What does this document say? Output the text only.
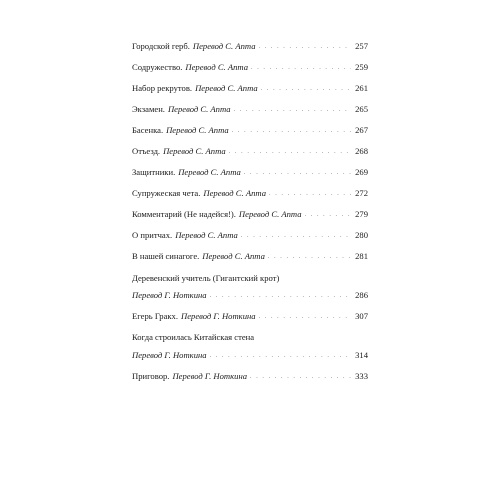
Городской герб. Перевод С. Апта . . .	257
Содружество. Перевод С. Апта . . .	259
Набор рекрутов. Перевод С. Апта . . .	261
Экзамен. Перевод С. Апта . . .	265
Басенка. Перевод С. Апта . . .	267
Отъезд. Перевод С. Апта . . .	268
Защитники. Перевод С. Апта . . .	269
Супружеская чета. Перевод С. Апта . . .	272
Комментарий (Не надейся!). Перевод С. Апта . . .	279
О притчах. Перевод С. Апта . . .	280
В нашей синагоге. Перевод С. Апта . . .	281
Деревенский учитель (Гигантский крот)
Перевод Г. Ноткина . . .	286
Егерь Гракх. Перевод Г. Ноткина . . .	307
Когда строилась Китайская стена
Перевод Г. Ноткина . . .	314
Приговор. Перевод Г. Ноткина . . .	333
